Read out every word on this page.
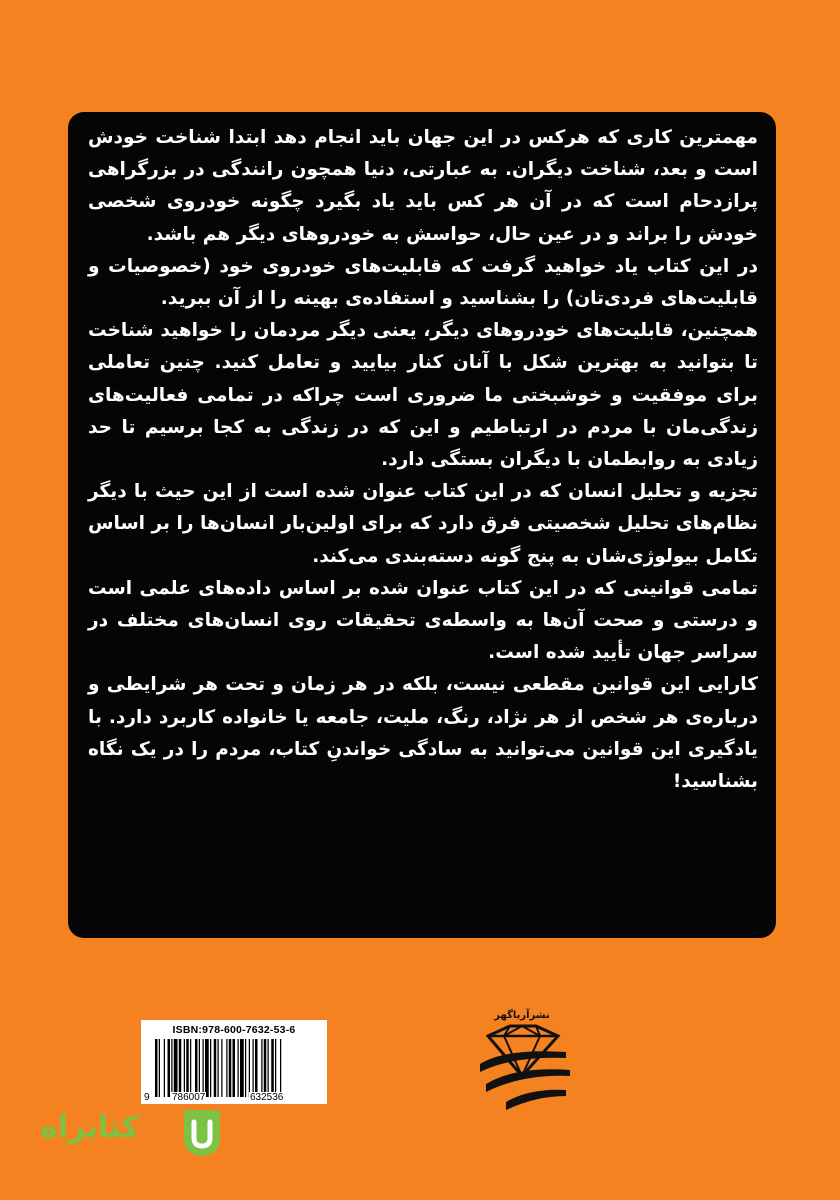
مهمترین کاری که هرکس در این جهان باید انجام دهد ابتدا شناخت خودش است و بعد، شناخت دیگران. به عبارتی، دنیا همچون رانندگی در بزرگراهی پرازدحام است که در آن هر کس باید یاد بگیرد چگونه خودروی شخصی خودش را براند و در عین حال، حواسش به خودروهای دیگر هم باشد.

در این کتاب یاد خواهید گرفت که قابلیت‌های خودروی خود (خصوصیات و قابلیت‌های فردی‌تان) را بشناسید و استفاده‌ی بهینه را از آن ببرید.

همچنین، قابلیت‌های خودروهای دیگر، یعنی دیگر مردمان را خواهید شناخت تا بتوانید به بهترین شکل با آنان کنار بیایید و تعامل کنید. چنین تعاملی برای موفقیت و خوشبختی ما ضروری است چراکه در تمامی فعالیت‌های زندگی‌مان با مردم در ارتباطیم و این که در زندگی به کجا برسیم تا حد زیادی به روابطمان با دیگران بستگی دارد.

تجزیه و تحلیل انسان که در این کتاب عنوان شده است از این حیث با دیگر نظام‌های تحلیل شخصیتی فرق دارد که برای اولین‌بار انسان‌ها را بر اساس تکامل بیولوژی‌شان به پنج گونه دسته‌بندی می‌کند.

تمامی قوانینی که در این کتاب عنوان شده بر اساس داده‌های علمی است و درستی و صحت آن‌ها به واسطه‌ی تحقیقات روی انسان‌های مختلف در سراسر جهان تأیید شده است.

کارایی این قوانین مقطعی نیست، بلکه در هر زمان و تحت هر شرایطی و درباره‌ی هر شخص از هر نژاد، رنگ، ملیت، جامعه یا خانواده کاربرد دارد. با یادگیری این قوانین می‌توانید به سادگی خواندنِ کتاب، مردم را در یک نگاه بشناسید!

ISBN:978-600-7632-53-6
9 786007	632536
نشرآریاگهر
کتابراه
